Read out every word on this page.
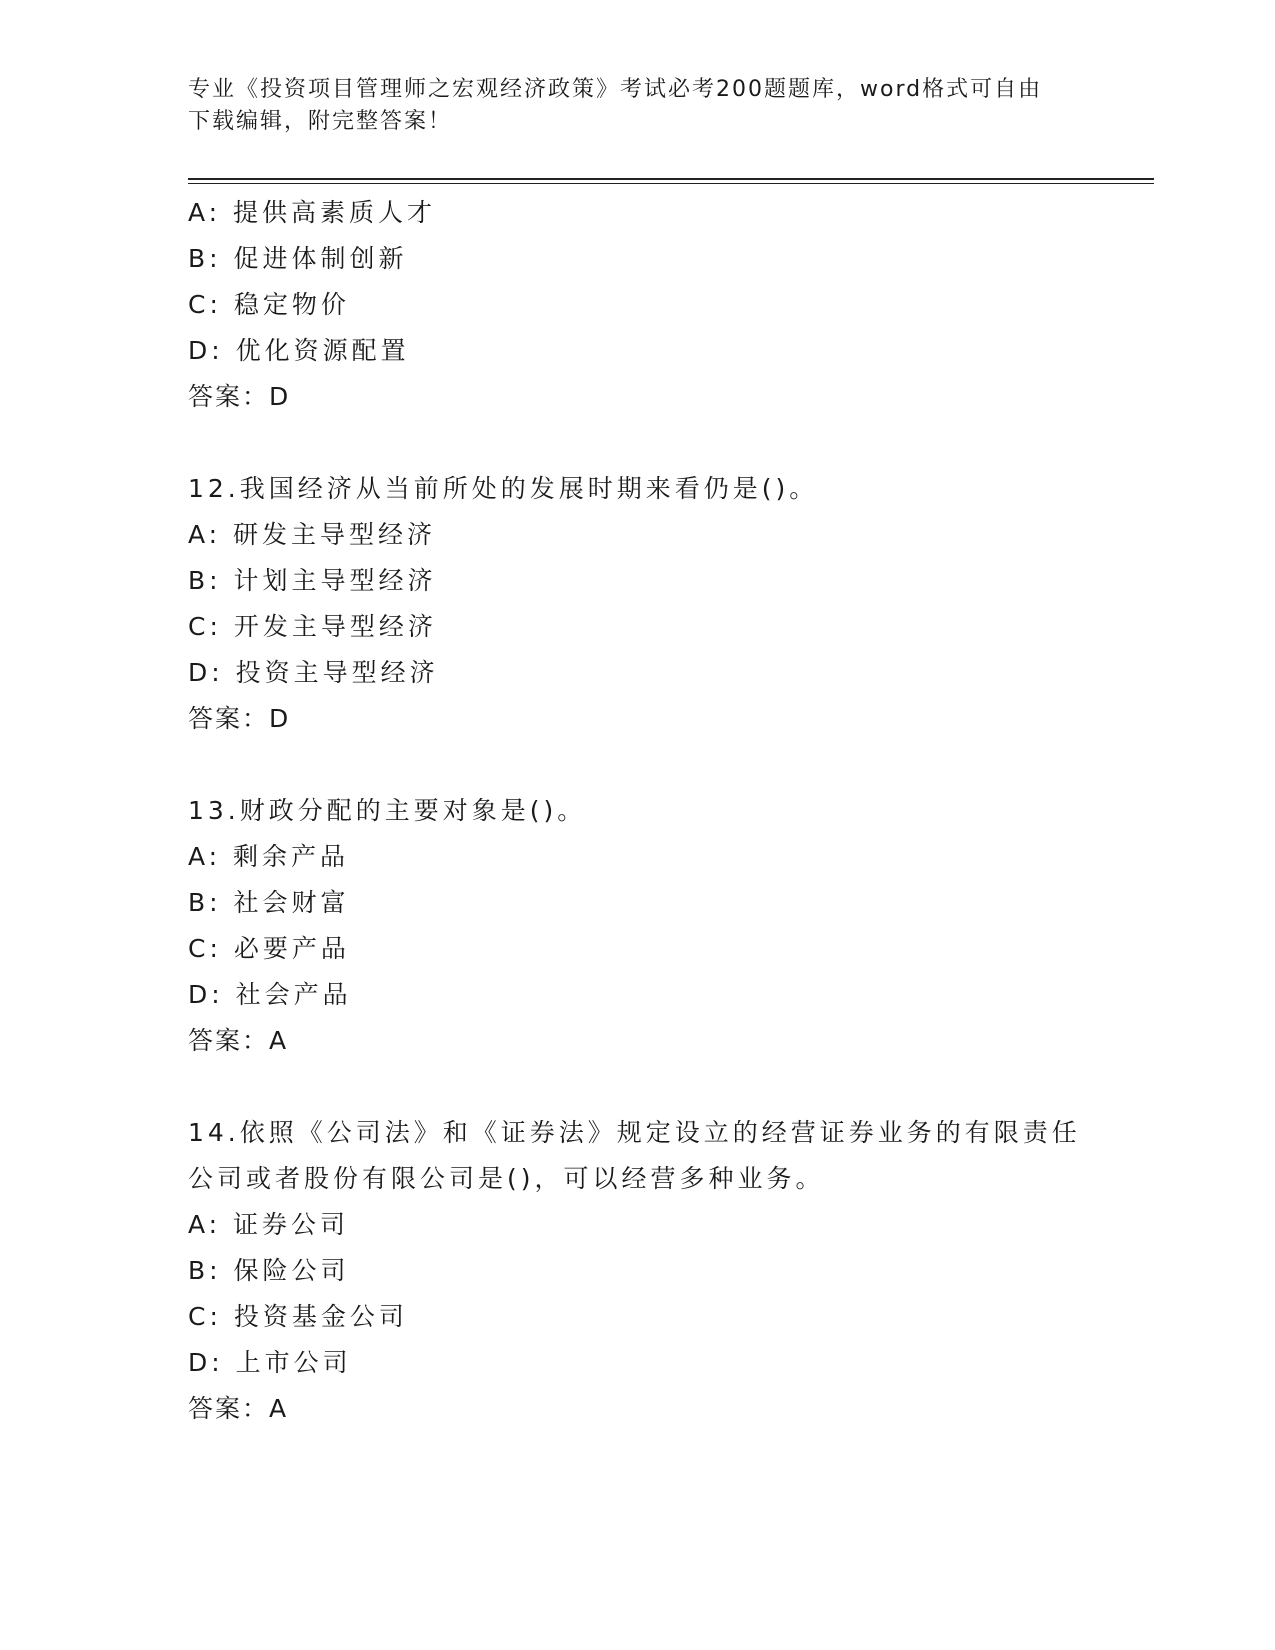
专业《投资项目管理师之宏观经济政策》考试必考200题题库，word格式可自由
下载编辑，附完整答案！
A: 提供高素质人才
B: 促进体制创新
C: 稳定物价
D: 优化资源配置
答案：D
12.我国经济从当前所处的发展时期来看仍是()。
A: 研发主导型经济
B: 计划主导型经济
C: 开发主导型经济
D: 投资主导型经济
答案：D
13.财政分配的主要对象是()。
A: 剩余产品
B: 社会财富
C: 必要产品
D: 社会产品
答案：A
14.依照《公司法》和《证券法》规定设立的经营证券业务的有限责任
公司或者股份有限公司是()，可以经营多种业务。
A: 证券公司
B: 保险公司
C: 投资基金公司
D: 上市公司
答案：A
